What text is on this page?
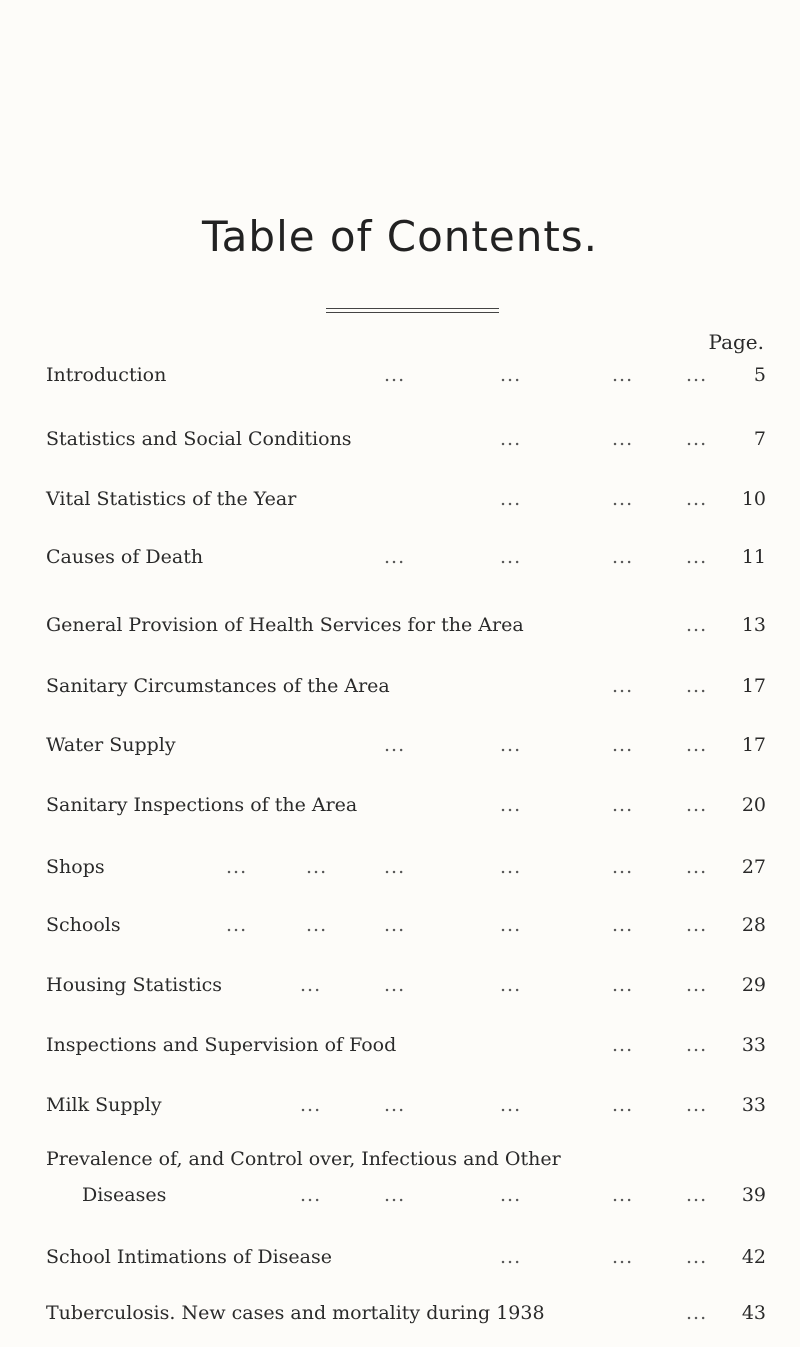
Table of Contents.
Page.
Introduction	...	...	...	... 5
Statistics and Social Conditions	...	...	... 7
Vital Statistics of the Year	...	...	... 10
Causes of Death	...	...	...	... 11
General Provision of Health Services for the Area	... 13
Sanitary Circumstances of the Area	...	... 17
Water Supply	...	...	...	... 17
Sanitary Inspections of the Area	...	...	... 20
Shops	...	...	...	...	...	... 27
Schools	...	...	...	...	...	... 28
Housing Statistics	...	...	...	...	... 29
Inspections and Supervision of Food	...	... 33
Milk Supply	...	...	...	...	... 33
Prevalence of, and Control over, Infectious and Other
Diseases	...	...	...	...	... 39
School Intimations of Disease	...	...	... 42
Tuberculosis. New cases and mortality during 1938	... 43
